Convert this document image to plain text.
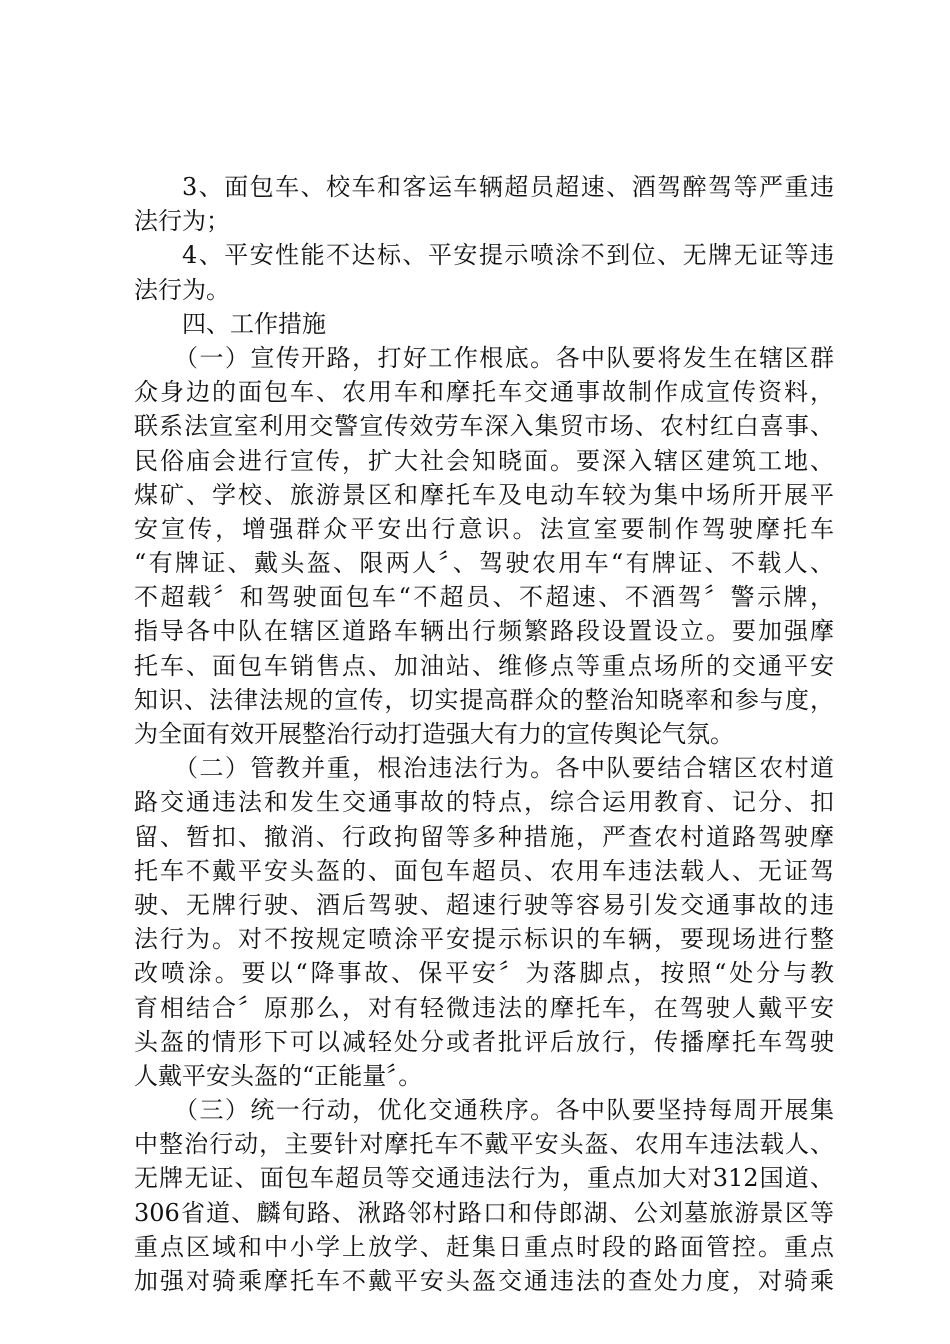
3、面包车、校车和客运车辆超员超速、酒驾醉驾等严重违
法行为；
4、平安性能不达标、平安提示喷涂不到位、无牌无证等违
法行为。
四、工作措施
（一）宣传开路，打好工作根底。各中队要将发生在辖区群
众身边的面包车、农用车和摩托车交通事故制作成宣传资料，
联系法宣室利用交警宣传效劳车深入集贸市场、农村红白喜事、
民俗庙会进行宣传，扩大社会知晓面。要深入辖区建筑工地、
煤矿、学校、旅游景区和摩托车及电动车较为集中场所开展平
安宣传，增强群众平安出行意识。法宣室要制作驾驶摩托车
“有牌证、戴头盔、限两人〞、驾驶农用车“有牌证、不载人、
不超载〞和驾驶面包车“不超员、不超速、不酒驾〞警示牌，
指导各中队在辖区道路车辆出行频繁路段设置设立。要加强摩
托车、面包车销售点、加油站、维修点等重点场所的交通平安
知识、法律法规的宣传，切实提高群众的整治知晓率和参与度，
为全面有效开展整治行动打造强大有力的宣传舆论气氛。
（二）管教并重，根治违法行为。各中队要结合辖区农村道
路交通违法和发生交通事故的特点，综合运用教育、记分、扣
留、暂扣、撤消、行政拘留等多种措施，严查农村道路驾驶摩
托车不戴平安头盔的、面包车超员、农用车违法载人、无证驾
驶、无牌行驶、酒后驾驶、超速行驶等容易引发交通事故的违
法行为。对不按规定喷涂平安提示标识的车辆，要现场进行整
改喷涂。要以“降事故、保平安〞为落脚点，按照“处分与教
育相结合〞原那么，对有轻微违法的摩托车，在驾驶人戴平安
头盔的情形下可以减轻处分或者批评后放行，传播摩托车驾驶
人戴平安头盔的“正能量〞。
（三）统一行动，优化交通秩序。各中队要坚持每周开展集
中整治行动，主要针对摩托车不戴平安头盔、农用车违法载人、
无牌无证、面包车超员等交通违法行为，重点加大对312国道、
306省道、麟旬路、湫路邻村路口和侍郎湖、公刘墓旅游景区等
重点区域和中小学上放学、赶集日重点时段的路面管控。重点
加强对骑乘摩托车不戴平安头盔交通违法的查处力度，对骑乘
